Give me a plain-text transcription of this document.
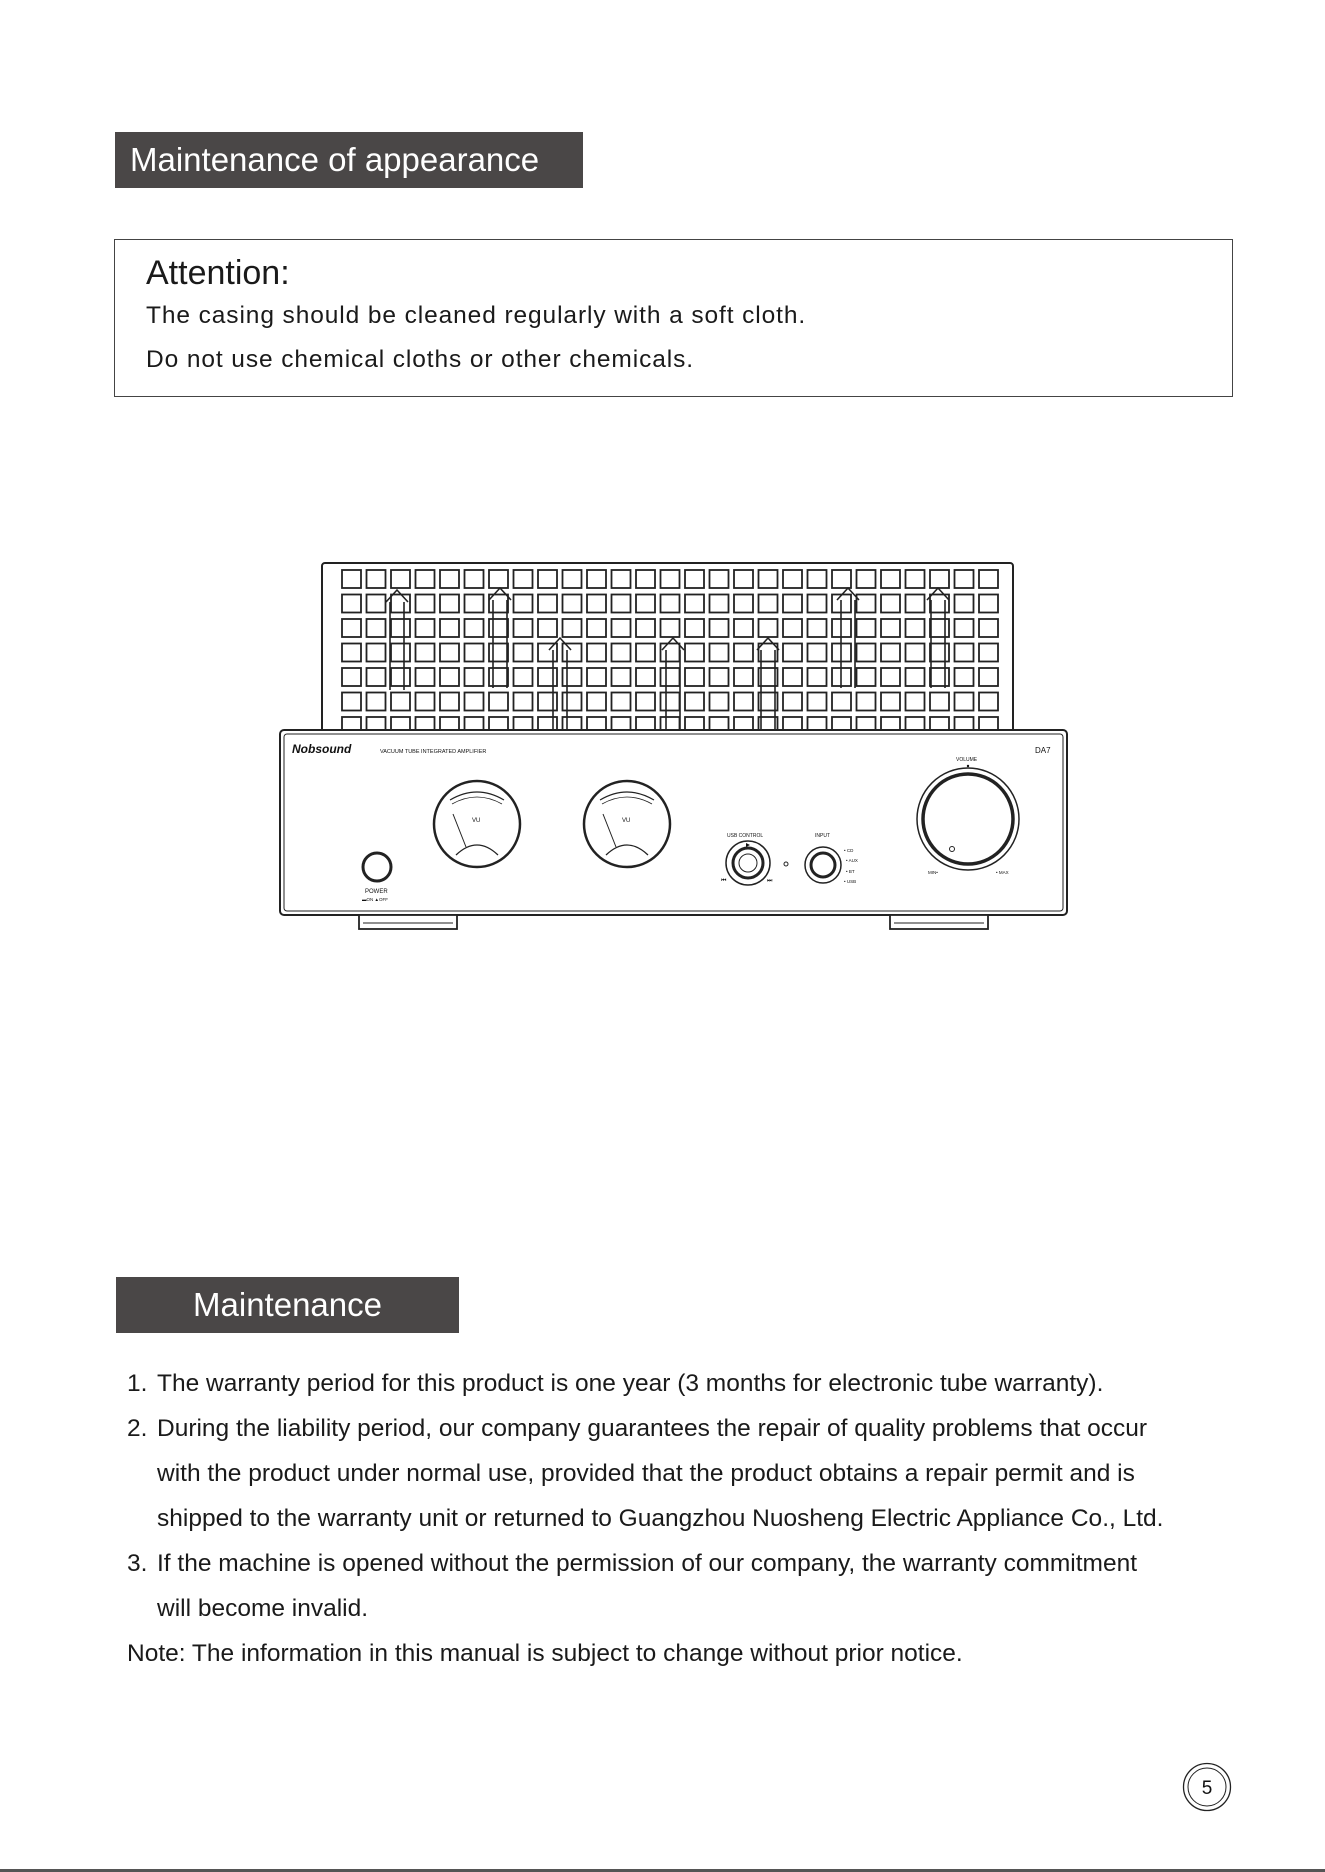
Maintenance of appearance
Attention:
The casing should be cleaned regularly with a soft cloth.
Do not use chemical cloths or other chemicals.
Nobsound	VACUUM TUBE INTEGRATED AMPLIFIER	DA7
VU	VU
POWER
▬ON ▲OFF
USB CONTROL
⏮	⏭
INPUT
• CD
• AUX
• BT
• USB
VOLUME
MIN•	• MAX
Maintenance
1. The warranty period for this product is one year (3 months for electronic tube warranty).
2. During the liability period, our company guarantees the repair of quality problems that occur
with the product under normal use, provided that the product obtains a repair permit and is
shipped to the warranty unit or returned to Guangzhou Nuosheng Electric Appliance Co., Ltd.
3. If the machine is opened without the permission of our company, the warranty commitment
will become invalid.
Note: The information in this manual is subject to change without prior notice.
5
